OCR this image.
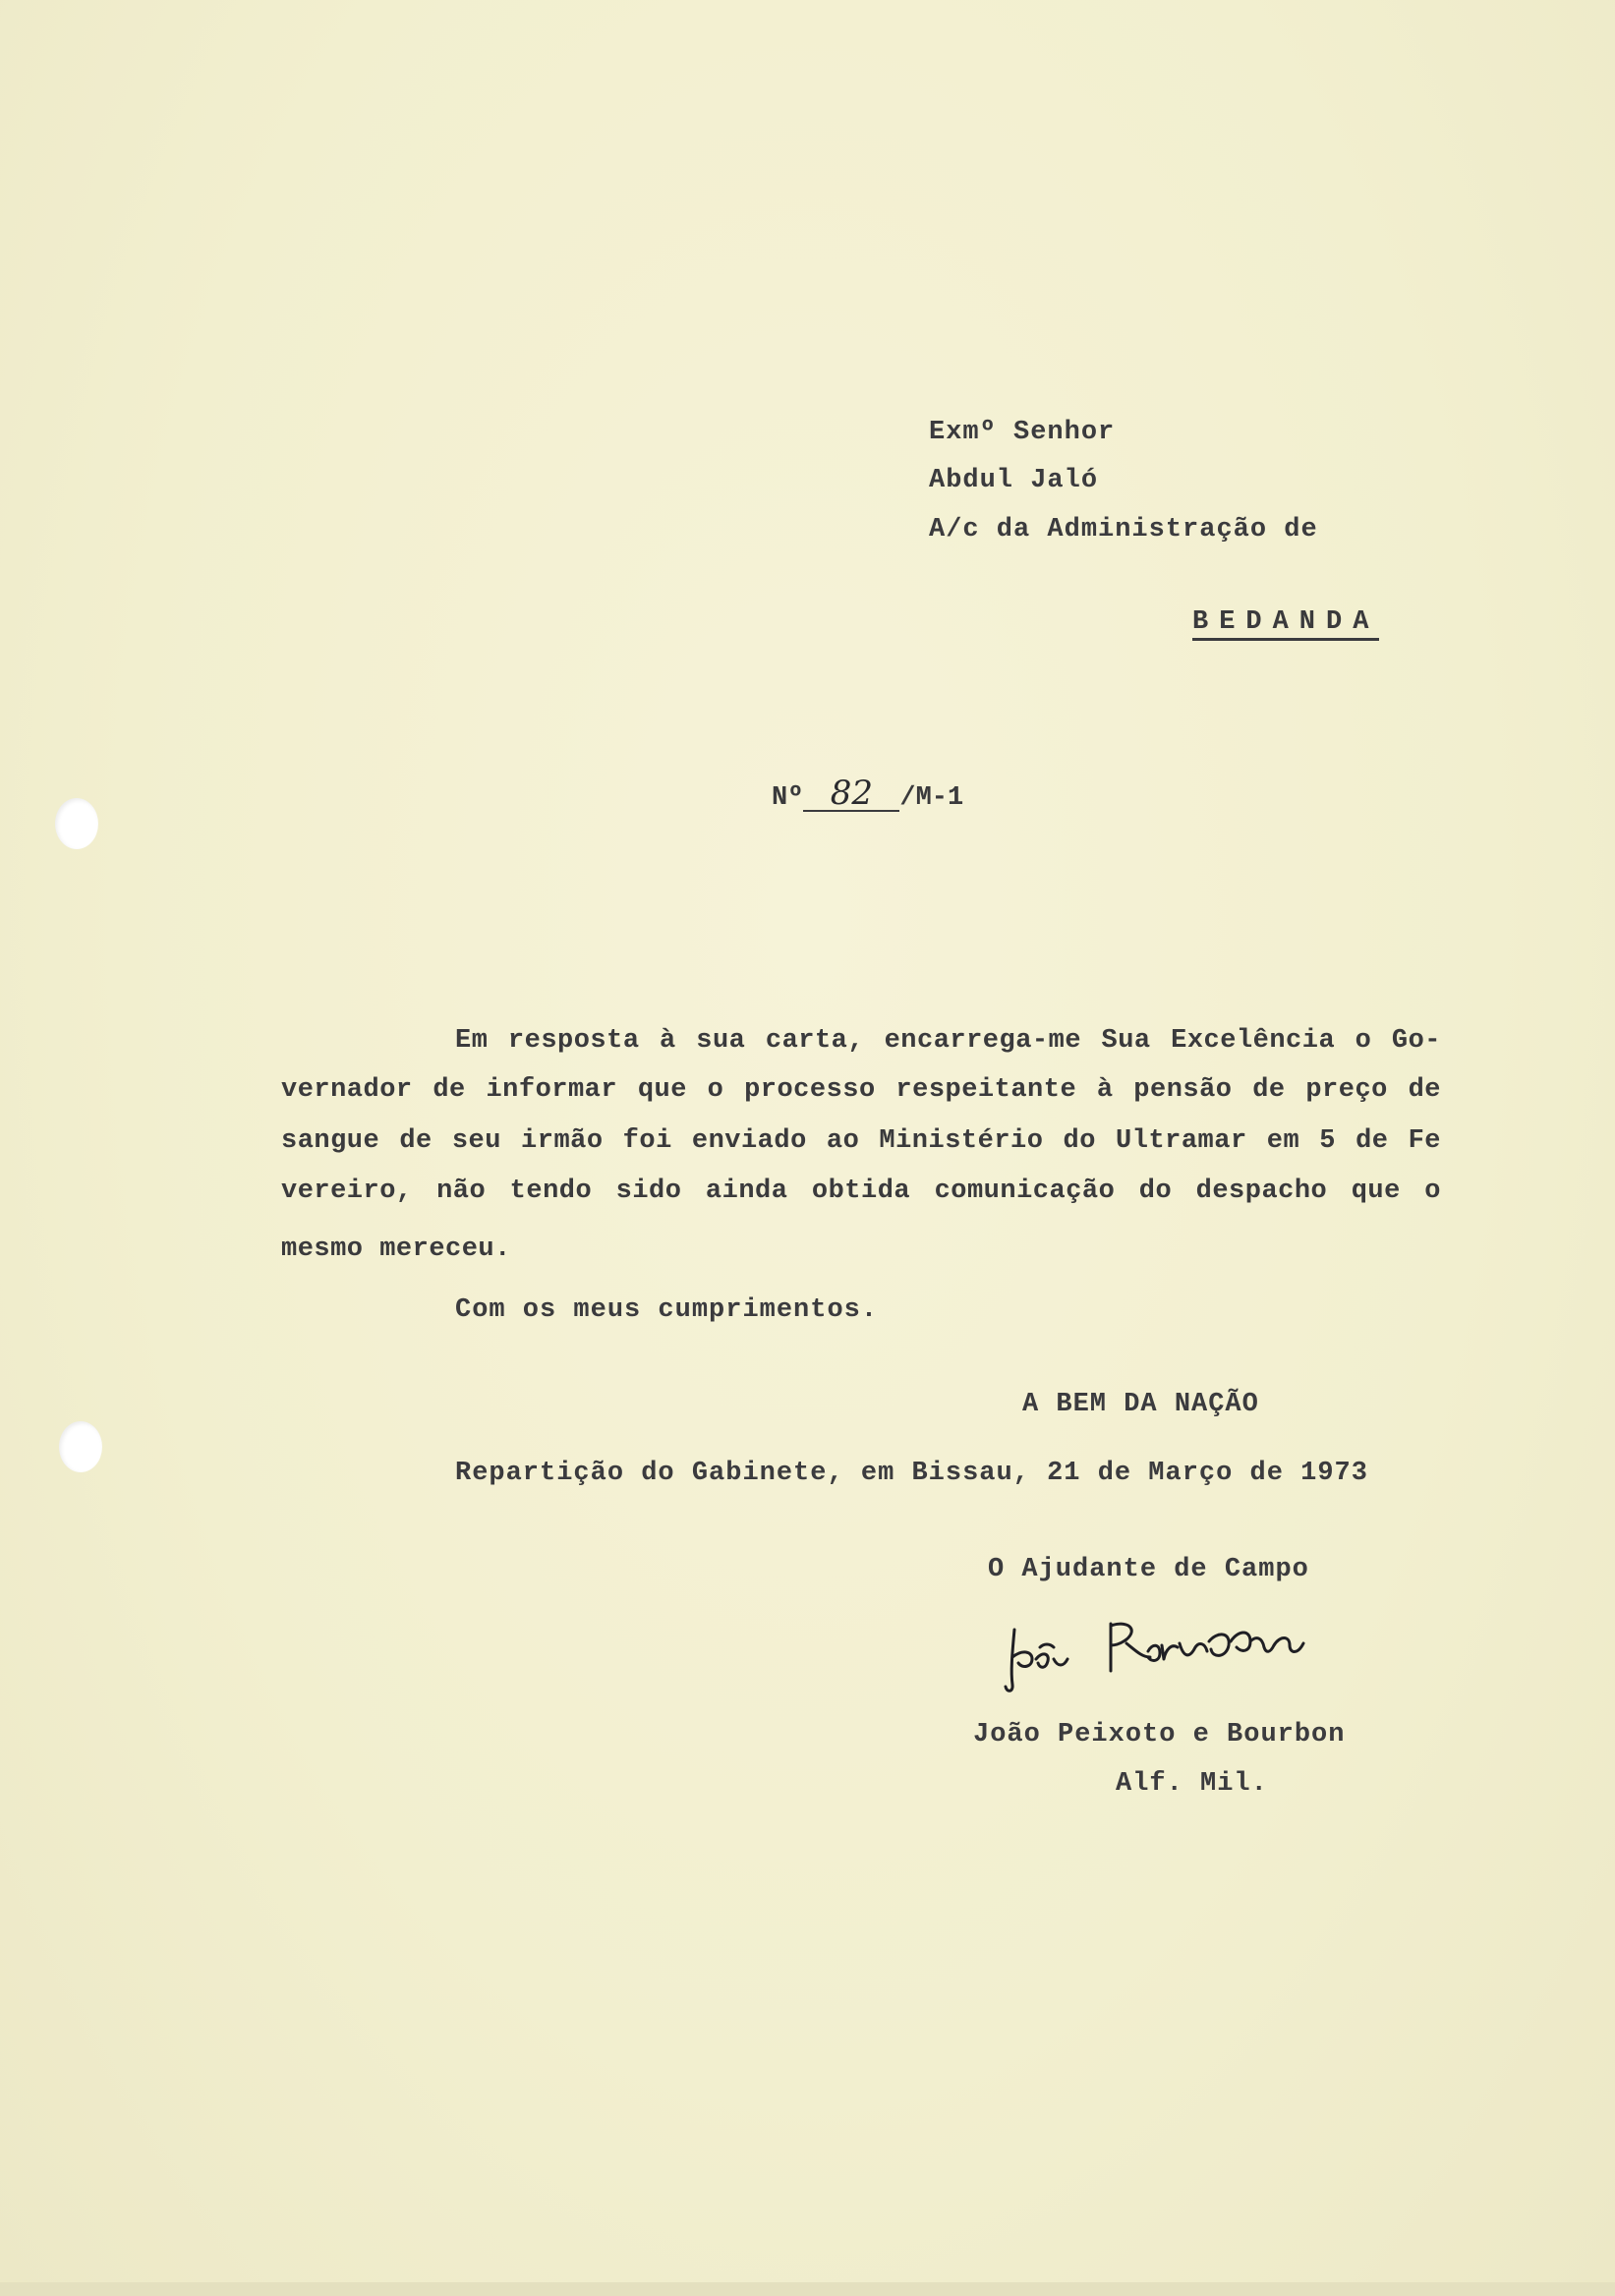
Exmº Senhor
Abdul Jaló
A/c da Administração de
BEDANDA
Nº 82 /M-1
Em resposta à sua carta, encarrega-me Sua Excelência o Go-
vernador de informar que o processo respeitante à pensão de preço de
sangue de seu irmão foi enviado ao Ministério do Ultramar em 5 de Fe
vereiro, não tendo sido ainda obtida comunicação do despacho que o
mesmo mereceu.
Com os meus cumprimentos.
A BEM DA NAÇÃO
Repartição do Gabinete, em Bissau, 21 de Março de 1973
O Ajudante de Campo
João Peixoto e Bourbon
Alf. Mil.
